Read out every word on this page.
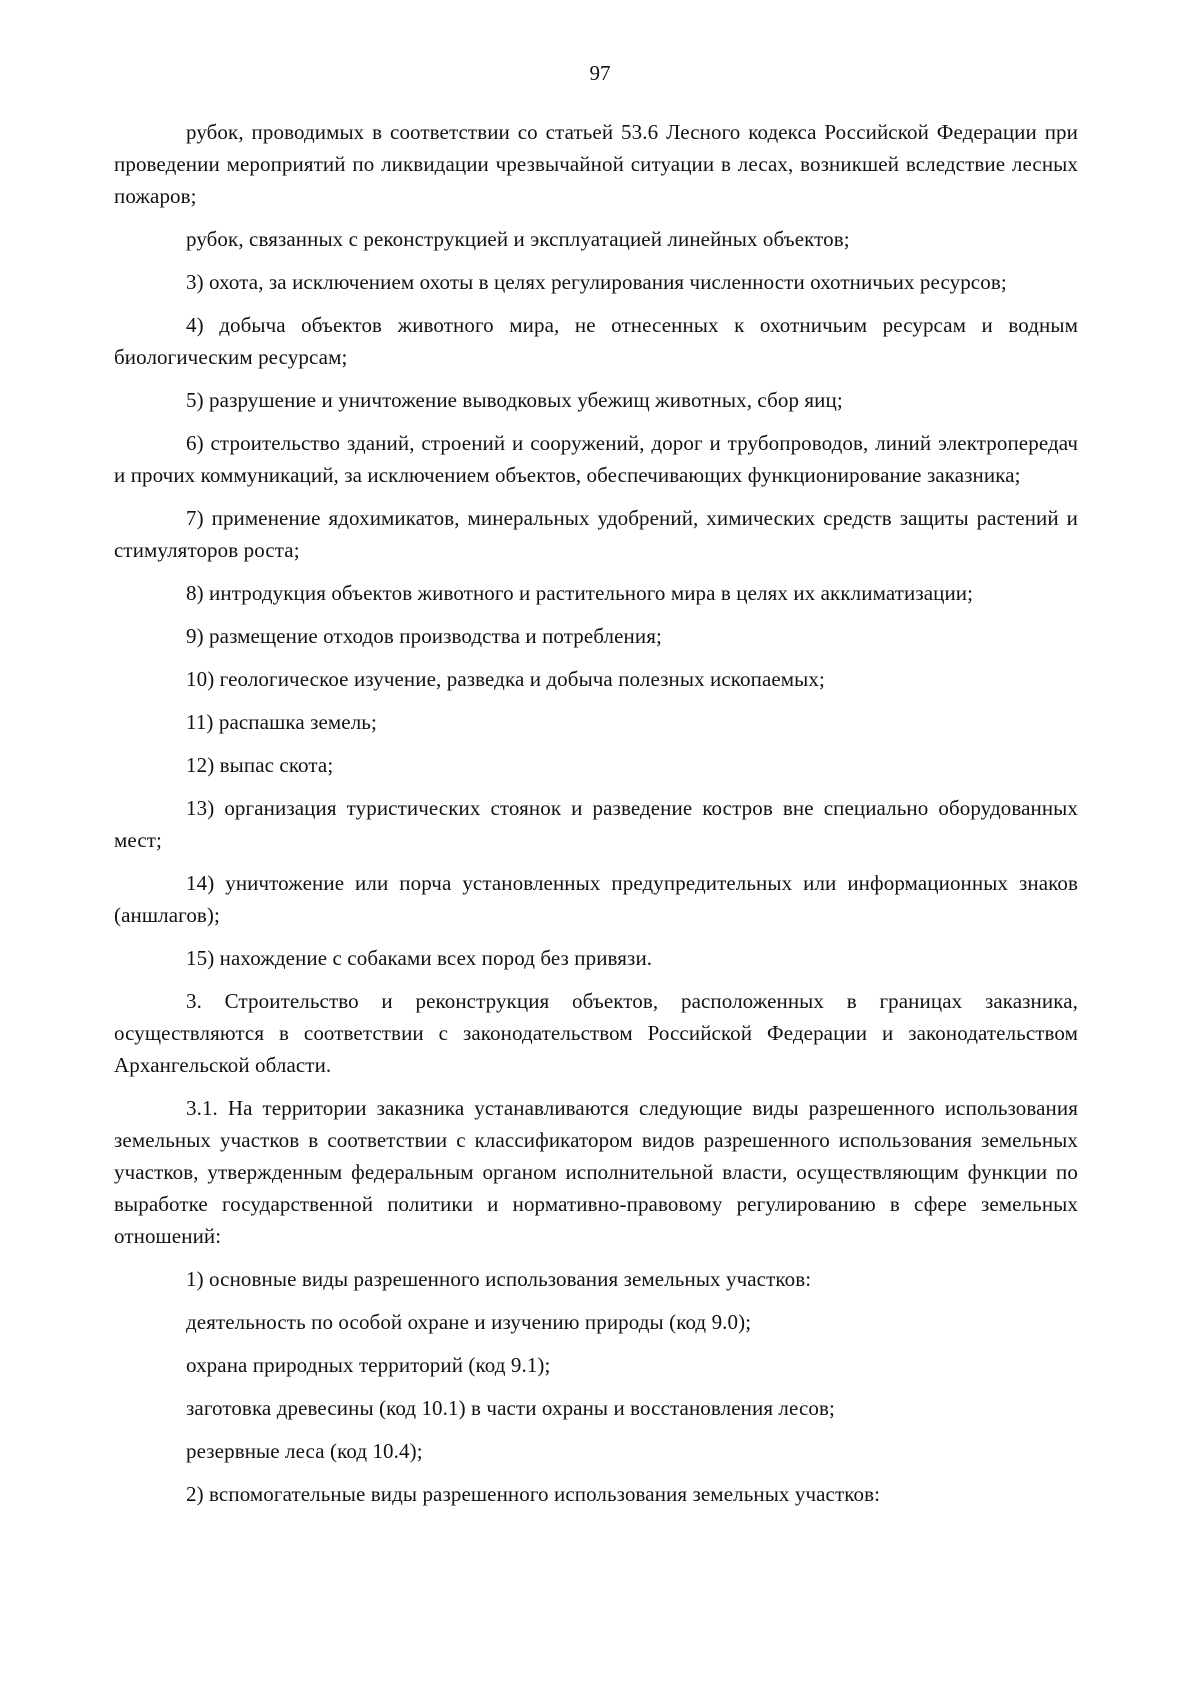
97

рубок, проводимых в соответствии со статьей 53.6 Лесного кодекса Российской Федерации при проведении мероприятий по ликвидации чрезвычайной ситуации в лесах, возникшей вследствие лесных пожаров;

рубок, связанных с реконструкцией и эксплуатацией линейных объектов;

3) охота, за исключением охоты в целях регулирования численности охотничьих ресурсов;

4) добыча объектов животного мира, не отнесенных к охотничьим ресурсам и водным биологическим ресурсам;

5) разрушение и уничтожение выводковых убежищ животных, сбор яиц;

6) строительство зданий, строений и сооружений, дорог и трубопроводов, линий электропередач и прочих коммуникаций, за исключением объектов, обеспечивающих функционирование заказника;

7) применение ядохимикатов, минеральных удобрений, химических средств защиты растений и стимуляторов роста;

8) интродукция объектов животного и растительного мира в целях их акклиматизации;

9) размещение отходов производства и потребления;

10) геологическое изучение, разведка и добыча полезных ископаемых;

11) распашка земель;

12) выпас скота;

13) организация туристических стоянок и разведение костров вне специально оборудованных мест;

14) уничтожение или порча установленных предупредительных или информационных знаков (аншлагов);

15) нахождение с собаками всех пород без привязи.

3. Строительство и реконструкция объектов, расположенных в границах заказника, осуществляются в соответствии с законодательством Российской Федерации и законодательством Архангельской области.

3.1. На территории заказника устанавливаются следующие виды разрешенного использования земельных участков в соответствии с классификатором видов разрешенного использования земельных участков, утвержденным федеральным органом исполнительной власти, осуществляющим функции по выработке государственной политики и нормативно-правовому регулированию в сфере земельных отношений:

1) основные виды разрешенного использования земельных участков:

деятельность по особой охране и изучению природы (код 9.0);

охрана природных территорий (код 9.1);

заготовка древесины (код 10.1) в части охраны и восстановления лесов;

резервные леса (код 10.4);

2) вспомогательные виды разрешенного использования земельных участков:
